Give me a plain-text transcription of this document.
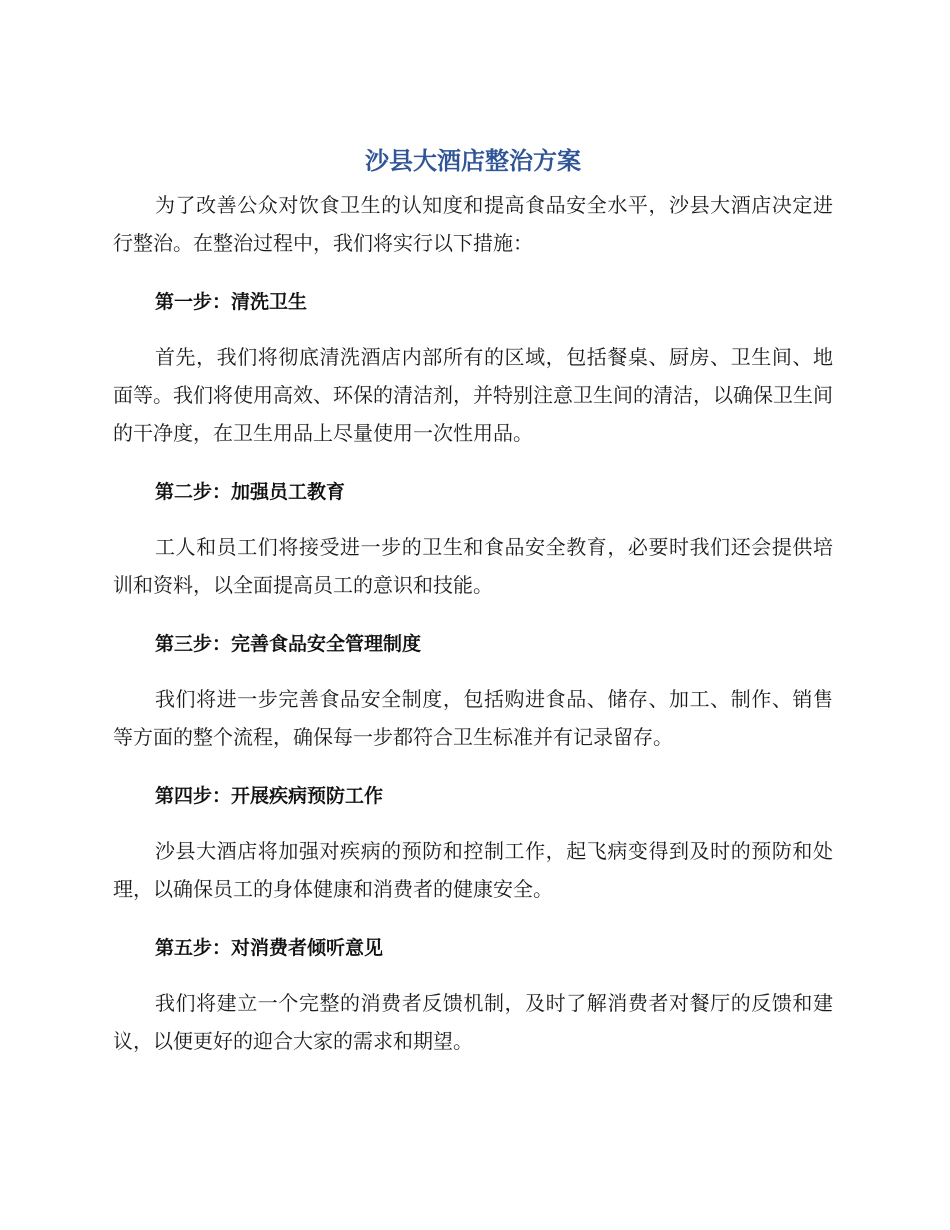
沙县大酒店整治方案

为了改善公众对饮食卫生的认知度和提高食品安全水平，沙县大酒店决定进行整治。在整治过程中，我们将实行以下措施：

第一步：清洗卫生

首先，我们将彻底清洗酒店内部所有的区域，包括餐桌、厨房、卫生间、地面等。我们将使用高效、环保的清洁剂，并特别注意卫生间的清洁，以确保卫生间的干净度，在卫生用品上尽量使用一次性用品。

第二步：加强员工教育

工人和员工们将接受进一步的卫生和食品安全教育，必要时我们还会提供培训和资料，以全面提高员工的意识和技能。

第三步：完善食品安全管理制度

我们将进一步完善食品安全制度，包括购进食品、储存、加工、制作、销售等方面的整个流程，确保每一步都符合卫生标准并有记录留存。

第四步：开展疾病预防工作

沙县大酒店将加强对疾病的预防和控制工作，起飞病变得到及时的预防和处理，以确保员工的身体健康和消费者的健康安全。

第五步：对消费者倾听意见

我们将建立一个完整的消费者反馈机制，及时了解消费者对餐厅的反馈和建议，以便更好的迎合大家的需求和期望。
